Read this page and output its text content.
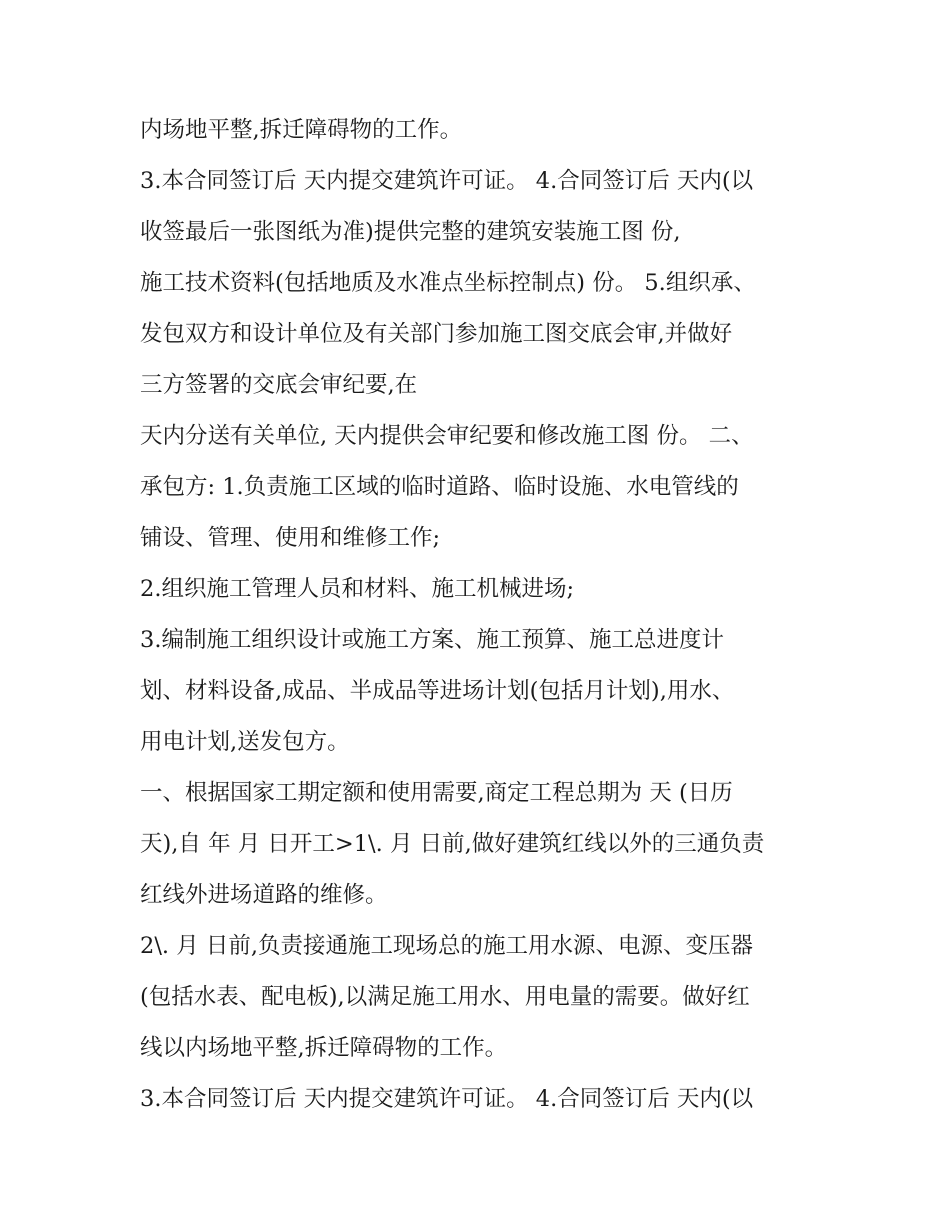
内场地平整,拆迁障碍物的工作。
3.本合同签订后 天内提交建筑许可证。 4.合同签订后 天内(以
收签最后一张图纸为准)提供完整的建筑安装施工图 份,
施工技术资料(包括地质及水准点坐标控制点) 份。 5.组织承、
发包双方和设计单位及有关部门参加施工图交底会审,并做好
三方签署的交底会审纪要,在
天内分送有关单位, 天内提供会审纪要和修改施工图 份。 二、
承包方: 1.负责施工区域的临时道路、临时设施、水电管线的
铺设、管理、使用和维修工作;
2.组织施工管理人员和材料、施工机械进场;
3.编制施工组织设计或施工方案、施工预算、施工总进度计
划、材料设备,成品、半成品等进场计划(包括月计划),用水、
用电计划,送发包方。
一、根据国家工期定额和使用需要,商定工程总期为 天 (日历
天),自 年 月 日开工>1\. 月 日前,做好建筑红线以外的三通负责
红线外进场道路的维修。
2\. 月 日前,负责接通施工现场总的施工用水源、电源、变压器
(包括水表、配电板),以满足施工用水、用电量的需要。做好红
线以内场地平整,拆迁障碍物的工作。
3.本合同签订后 天内提交建筑许可证。 4.合同签订后 天内(以
